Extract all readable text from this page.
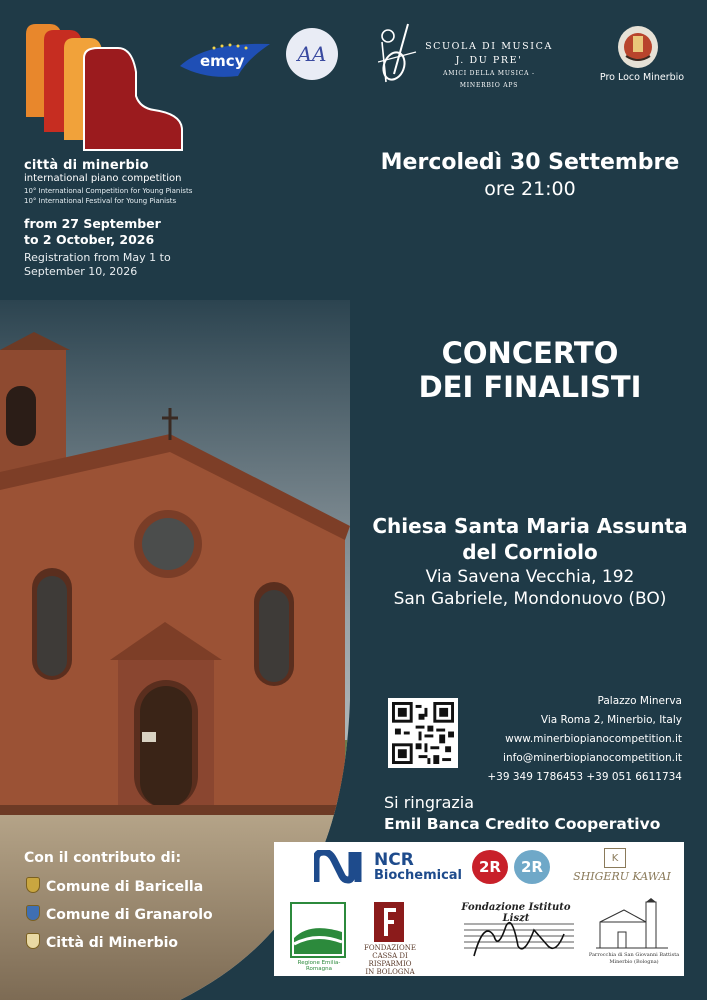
città di minerbio
international piano competition
10° International Competition for Young Pianists
10° International Festival for Young Pianists
from 27 September
to 2 October, 2026
Registration from May 1 to
September 10, 2026
emcy	AA	SCUOLA DI MUSICA
J. DU PRE'
AMICI DELLA MUSICA - MINERBIO APS
Pro Loco Minerbio
Mercoledì 30 Settembre
ore 21:00
CONCERTO
DEI FINALISTI
Chiesa Santa Maria Assunta
del Corniolo
Via Savena Vecchia, 192
San Gabriele, Mondonuovo (BO)
Palazzo Minerva
Via Roma 2, Minerbio, Italy
www.minerbiopianocompetition.it
info@minerbiopianocompetition.it
+39 349 1786453 +39 051 6611734
Si ringrazia
Emil Banca Credito Cooperativo
Con il contributo di:
Comune di Baricella
Comune di Granarolo
Città di Minerbio
NCR
Biochemical	2R	2R	K
SHIGERU KAWAI
Regione Emilia-Romagna
FONDAZIONE
CASSA DI RISPARMIO
IN BOLOGNA
Fondazione Istituto Liszt
Parrocchia di San Giovanni Battista
Minerbio (Bologna)
